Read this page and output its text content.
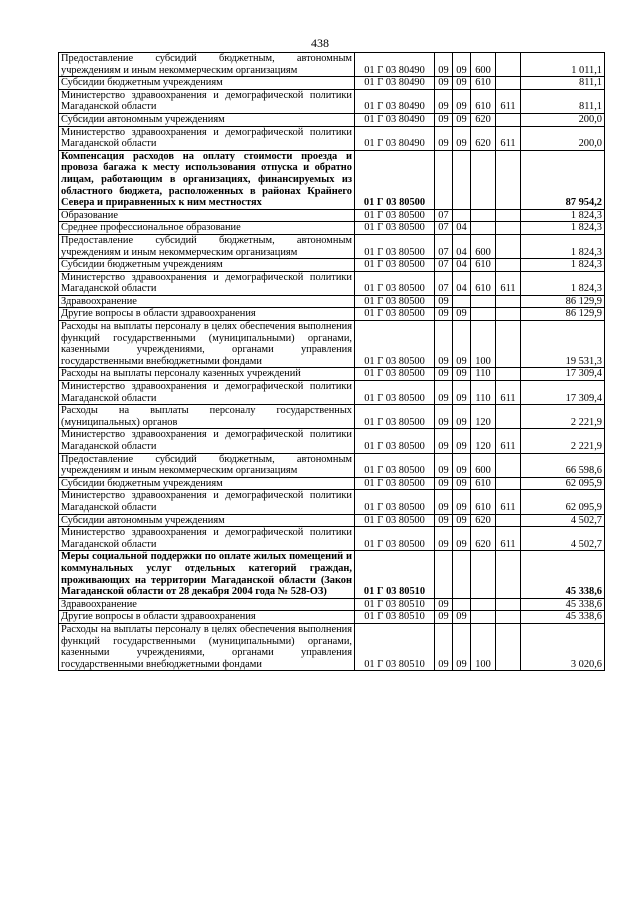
438
Предоставление субсидий бюджетным, автономным учреждениям и иным некоммерческим организациям	01 Г 03 80490	09	09	600		1 011,1
Субсидии бюджетным учреждениям	01 Г 03 80490	09	09	610		811,1
Министерство здравоохранения и демографической политики Магаданской области	01 Г 03 80490	09	09	610	611	811,1
Субсидии автономным учреждениям	01 Г 03 80490	09	09	620		200,0
Министерство здравоохранения и демографической политики Магаданской области	01 Г 03 80490	09	09	620	611	200,0
Компенсация расходов на оплату стоимости проезда и провоза багажа к месту использования отпуска и обратно лицам, работающим в организациях, финансируемых из областного бюджета, расположенных в районах Крайнего Севера и приравненных к ним местностях	01 Г 03 80500					87 954,2
Образование	01 Г 03 80500	07				1 824,3
Среднее профессиональное образование	01 Г 03 80500	07	04			1 824,3
Предоставление субсидий бюджетным, автономным учреждениям и иным некоммерческим организациям	01 Г 03 80500	07	04	600		1 824,3
Субсидии бюджетным учреждениям	01 Г 03 80500	07	04	610		1 824,3
Министерство здравоохранения и демографической политики Магаданской области	01 Г 03 80500	07	04	610	611	1 824,3
Здравоохранение	01 Г 03 80500	09				86 129,9
Другие вопросы в области здравоохранения	01 Г 03 80500	09	09			86 129,9
Расходы на выплаты персоналу в целях обеспечения выполнения функций государственными (муниципальными) органами, казенными учреждениями, органами управления государственными внебюджетными фондами	01 Г 03 80500	09	09	100		19 531,3
Расходы на выплаты персоналу казенных учреждений	01 Г 03 80500	09	09	110		17 309,4
Министерство здравоохранения и демографической политики Магаданской области	01 Г 03 80500	09	09	110	611	17 309,4
Расходы на выплаты персоналу государственных (муниципальных) органов	01 Г 03 80500	09	09	120		2 221,9
Министерство здравоохранения и демографической политики Магаданской области	01 Г 03 80500	09	09	120	611	2 221,9
Предоставление субсидий бюджетным, автономным учреждениям и иным некоммерческим организациям	01 Г 03 80500	09	09	600		66 598,6
Субсидии бюджетным учреждениям	01 Г 03 80500	09	09	610		62 095,9
Министерство здравоохранения и демографической политики Магаданской области	01 Г 03 80500	09	09	610	611	62 095,9
Субсидии автономным учреждениям	01 Г 03 80500	09	09	620		4 502,7
Министерство здравоохранения и демографической политики Магаданской области	01 Г 03 80500	09	09	620	611	4 502,7
Меры социальной поддержки по оплате жилых помещений и коммунальных услуг отдельных категорий граждан, проживающих на территории Магаданской области (Закон Магаданской области от 28 декабря 2004 года № 528-ОЗ)	01 Г 03 80510					45 338,6
Здравоохранение	01 Г 03 80510	09				45 338,6
Другие вопросы в области здравоохранения	01 Г 03 80510	09	09			45 338,6
Расходы на выплаты персоналу в целях обеспечения выполнения функций государственными (муниципальными) органами, казенными учреждениями, органами управления государственными внебюджетными фондами	01 Г 03 80510	09	09	100		3 020,6
